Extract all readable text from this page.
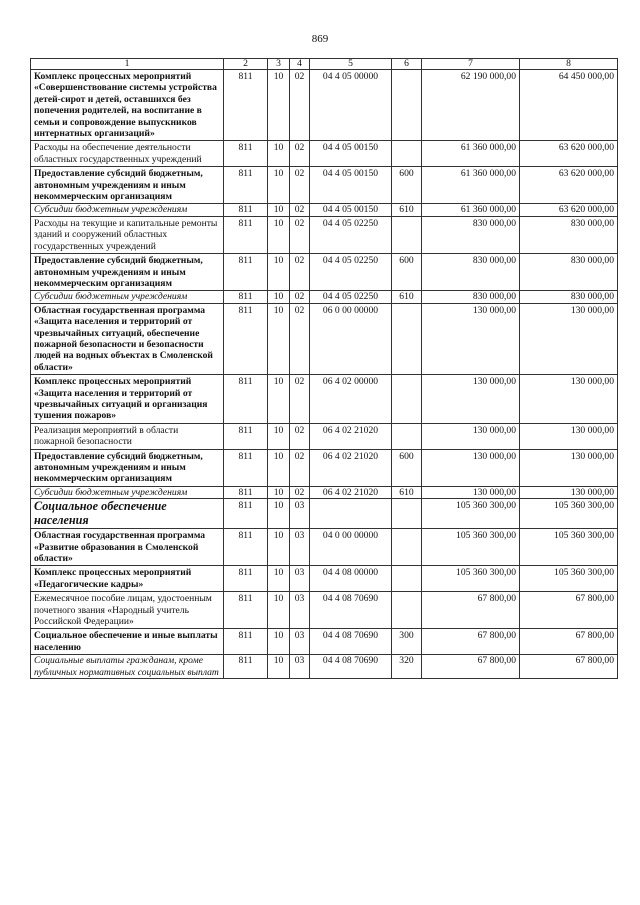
869
1	2	3	4	5	6	7	8
Комплекс процессных мероприятий «Совершенствование системы устройства детей-сирот и детей, оставшихся без попечения родителей, на воспитание в семьи и сопровождение выпускников интернатных организаций»	811	10	02	04 4 05 00000		62 190 000,00	64 450 000,00
Расходы на обеспечение деятельности областных государственных учреждений	811	10	02	04 4 05 00150		61 360 000,00	63 620 000,00
Предоставление субсидий бюджетным, автономным учреждениям и иным некоммерческим организациям	811	10	02	04 4 05 00150	600	61 360 000,00	63 620 000,00
Субсидии бюджетным учреждениям	811	10	02	04 4 05 00150	610	61 360 000,00	63 620 000,00
Расходы на текущие и капитальные ремонты зданий и сооружений областных государственных учреждений	811	10	02	04 4 05 02250		830 000,00	830 000,00
Предоставление субсидий бюджетным, автономным учреждениям и иным некоммерческим организациям	811	10	02	04 4 05 02250	600	830 000,00	830 000,00
Субсидии бюджетным учреждениям	811	10	02	04 4 05 02250	610	830 000,00	830 000,00
Областная государственная программа «Защита населения и территорий от чрезвычайных ситуаций, обеспечение пожарной безопасности и безопасности людей на водных объектах в Смоленской области»	811	10	02	06 0 00 00000		130 000,00	130 000,00
Комплекс процессных мероприятий «Защита населения и территорий от чрезвычайных ситуаций и организация тушения пожаров»	811	10	02	06 4 02 00000		130 000,00	130 000,00
Реализация мероприятий в области пожарной безопасности	811	10	02	06 4 02 21020		130 000,00	130 000,00
Предоставление субсидий бюджетным, автономным учреждениям и иным некоммерческим организациям	811	10	02	06 4 02 21020	600	130 000,00	130 000,00
Субсидии бюджетным учреждениям	811	10	02	06 4 02 21020	610	130 000,00	130 000,00
Социальное обеспечение населения	811	10	03			105 360 300,00	105 360 300,00
Областная государственная программа «Развитие образования в Смоленской области»	811	10	03	04 0 00 00000		105 360 300,00	105 360 300,00
Комплекс процессных мероприятий «Педагогические кадры»	811	10	03	04 4 08 00000		105 360 300,00	105 360 300,00
Ежемесячное пособие лицам, удостоенным почетного звания «Народный учитель Российской Федерации»	811	10	03	04 4 08 70690		67 800,00	67 800,00
Социальное обеспечение и иные выплаты населению	811	10	03	04 4 08 70690	300	67 800,00	67 800,00
Социальные выплаты гражданам, кроме публичных нормативных социальных выплат	811	10	03	04 4 08 70690	320	67 800,00	67 800,00
